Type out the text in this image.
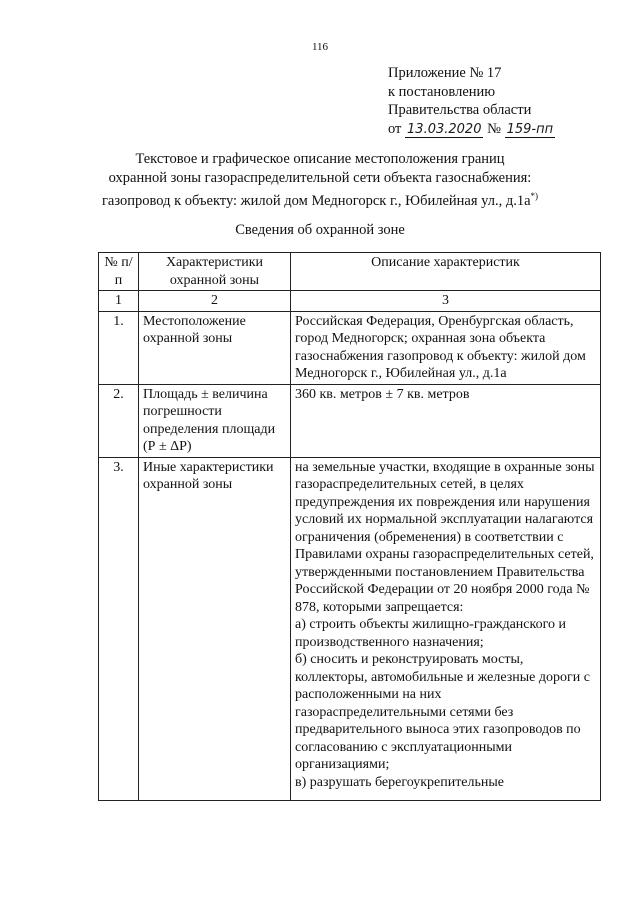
116
Приложение № 17
к постановлению
Правительства области
от 13.03.2020 № 159-пп
Текстовое и графическое описание местоположения границ
охранной зоны газораспределительной сети объекта газоснабжения:
газопровод к объекту: жилой дом Медногорск г., Юбилейная ул., д.1а*)
Сведения об охранной зоне
№ п/п	Характеристики охранной зоны	Описание характеристик
1	2	3
1.	Местоположение охранной зоны	Российская Федерация, Оренбургская область, город Медногорск; охранная зона объекта газоснабжения газопровод к объекту: жилой дом Медногорск г., Юбилейная ул., д.1а
2.	Площадь ± величина погрешности определения площади (Р ± ΔР)	360 кв. метров ± 7 кв. метров
3.	Иные характеристики охранной зоны	на земельные участки, входящие в охранные зоны газораспределительных сетей, в целях предупреждения их повреждения или нарушения условий их нормальной эксплуатации налагаются ограничения (обременения) в соответствии с Правилами охраны газораспределительных сетей, утвержденными постановлением Правительства Российской Федерации от 20 ноября 2000 года № 878, которыми запрещается:
а) строить объекты жилищно-гражданского и производственного назначения;
б) сносить и реконструировать мосты, коллекторы, автомобильные и железные дороги с расположенными на них газораспределительными сетями без предварительного выноса этих газопроводов по согласованию с эксплуатационными организациями;
в) разрушать берегоукрепительные
